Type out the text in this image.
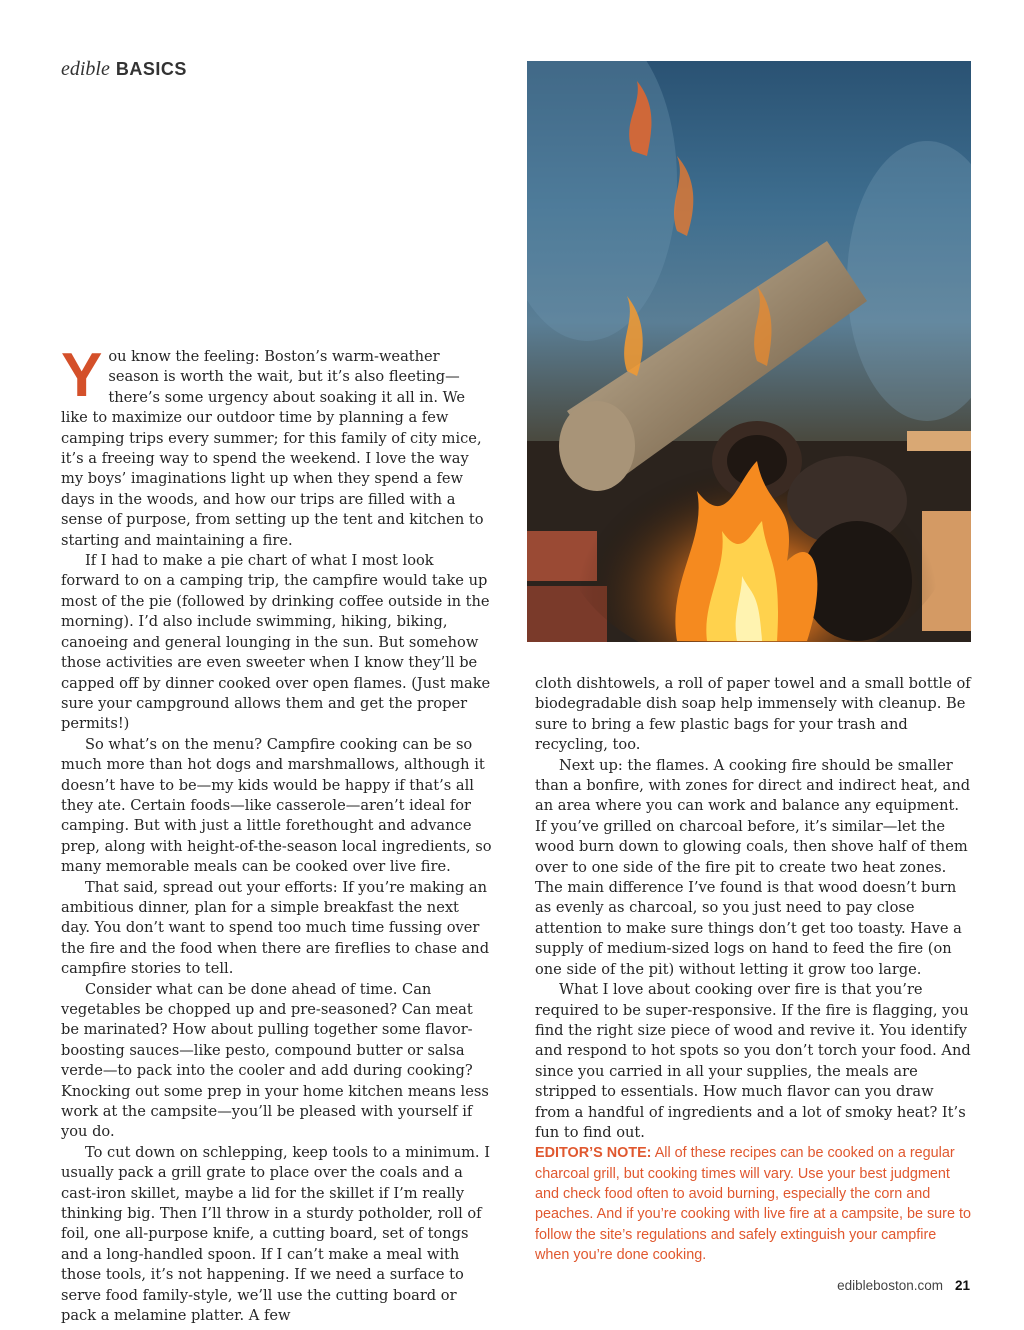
edible BASICS

You know the feeling: Boston’s warm-weather season is worth the wait, but it’s also fleeting—there’s some urgency about soaking it all in. We like to maximize our outdoor time by planning a few camping trips every summer; for this family of city mice, it’s a freeing way to spend the weekend. I love the way my boys’ imaginations light up when they spend a few days in the woods, and how our trips are filled with a sense of purpose, from setting up the tent and kitchen to starting and maintaining a fire.

If I had to make a pie chart of what I most look forward to on a camping trip, the campfire would take up most of the pie (followed by drinking coffee outside in the morning). I’d also include swimming, hiking, biking, canoeing and general lounging in the sun. But somehow those activities are even sweeter when I know they’ll be capped off by dinner cooked over open flames. (Just make sure your campground allows them and get the proper permits!)

So what’s on the menu? Campfire cooking can be so much more than hot dogs and marshmallows, although it doesn’t have to be—my kids would be happy if that’s all they ate. Certain foods—like casserole—aren’t ideal for camping. But with just a little forethought and advance prep, along with height-of-the-season local ingredients, so many memorable meals can be cooked over live fire.

That said, spread out your efforts: If you’re making an ambitious dinner, plan for a simple breakfast the next day. You don’t want to spend too much time fussing over the fire and the food when there are fireflies to chase and campfire stories to tell.

Consider what can be done ahead of time. Can vegetables be chopped up and pre-seasoned? Can meat be marinated? How about pulling together some flavor-boosting sauces—like pesto, compound butter or salsa verde—to pack into the cooler and add during cooking? Knocking out some prep in your home kitchen means less work at the campsite—you’ll be pleased with yourself if you do.

To cut down on schlepping, keep tools to a minimum. I usually pack a grill grate to place over the coals and a cast-iron skillet, maybe a lid for the skillet if I’m really thinking big. Then I’ll throw in a sturdy potholder, roll of foil, one all-purpose knife, a cutting board, set of tongs and a long-handled spoon. If I can’t make a meal with those tools, it’s not happening. If we need a surface to serve food family-style, we’ll use the cutting board or pack a melamine platter. A few

cloth dishtowels, a roll of paper towel and a small bottle of biodegradable dish soap help immensely with cleanup. Be sure to bring a few plastic bags for your trash and recycling, too.

Next up: the flames. A cooking fire should be smaller than a bonfire, with zones for direct and indirect heat, and an area where you can work and balance any equipment. If you’ve grilled on charcoal before, it’s similar—let the wood burn down to glowing coals, then shove half of them over to one side of the fire pit to create two heat zones. The main difference I’ve found is that wood doesn’t burn as evenly as charcoal, so you just need to pay close attention to make sure things don’t get too toasty. Have a supply of medium-sized logs on hand to feed the fire (on one side of the pit) without letting it grow too large.

What I love about cooking over fire is that you’re required to be super-responsive. If the fire is flagging, you find the right size piece of wood and revive it. You identify and respond to hot spots so you don’t torch your food. And since you carried in all your supplies, the meals are stripped to essentials. How much flavor can you draw from a handful of ingredients and a lot of smoky heat? It’s fun to find out.

EDITOR’S NOTE: All of these recipes can be cooked on a regular charcoal grill, but cooking times will vary. Use your best judgment and check food often to avoid burning, especially the corn and peaches. And if you’re cooking with live fire at a campsite, be sure to follow the site’s regulations and safely extinguish your campfire when you’re done cooking.

edibleboston.com 21
